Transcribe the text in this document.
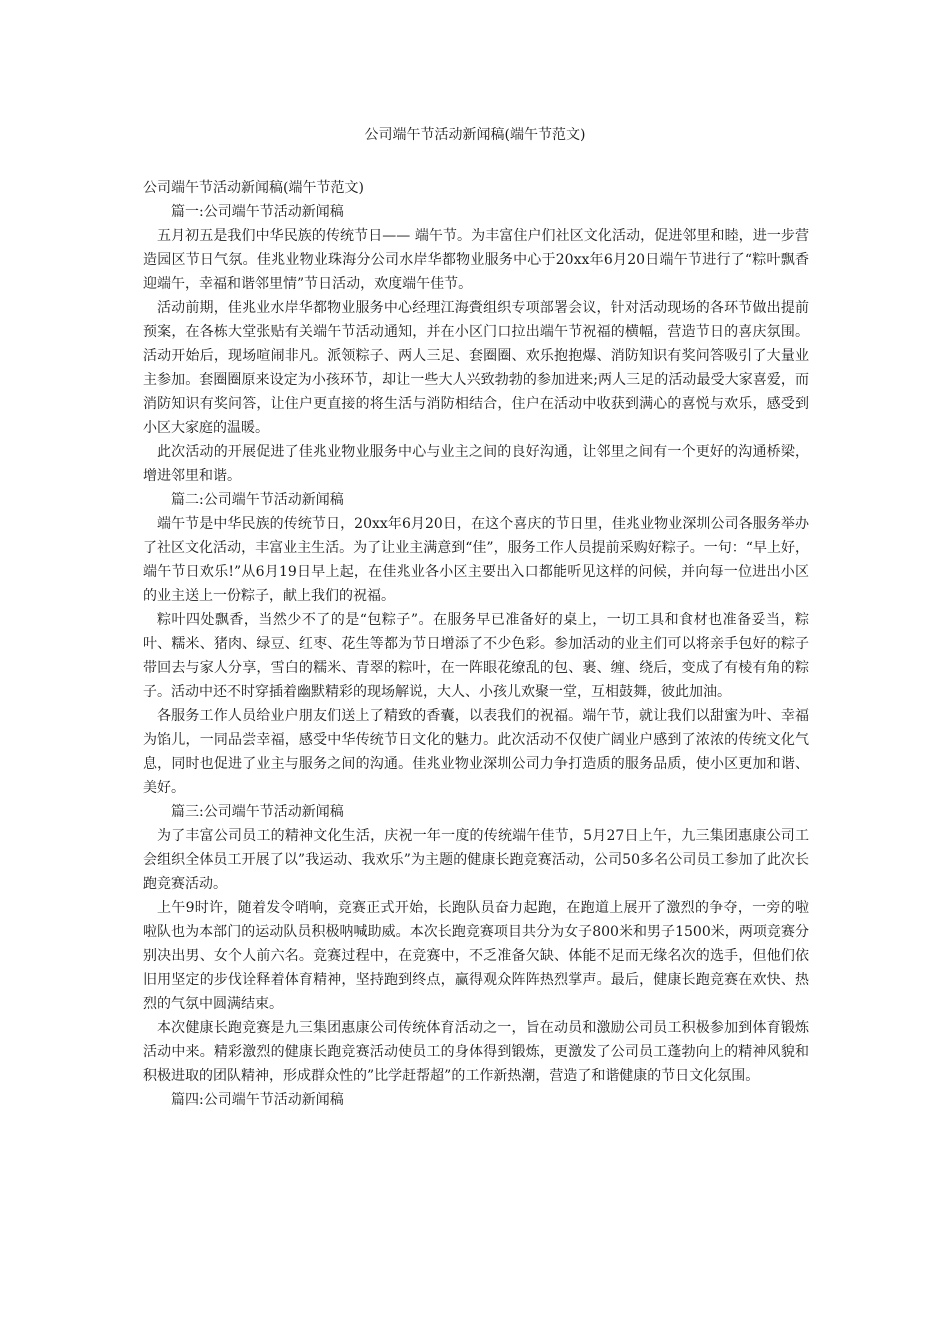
公司端午节活动新闻稿(端午节范文)

公司端午节活动新闻稿(端午节范文)

篇一:公司端午节活动新闻稿

五月初五是我们中华民族的传统节日—— 端午节。为丰富住户们社区文化活动，促进邻里和睦，进一步营造园区节日气氛。佳兆业物业珠海分公司水岸华都物业服务中心于20xx年6月20日端午节进行了“粽叶飘香迎端午，幸福和谐邻里情”节日活动，欢度端午佳节。

活动前期，佳兆业水岸华都物业服务中心经理江海賫组织专项部署会议，针对活动现场的各环节做出提前预案，在各栋大堂张贴有关端午节活动通知，并在小区门口拉出端午节祝福的横幅，营造节日的喜庆氛围。活动开始后，现场喧闹非凡。派领粽子、两人三足、套圈圈、欢乐抱抱爆、消防知识有奖问答吸引了大量业主参加。套圈圈原来设定为小孩环节，却让一些大人兴致勃勃的参加进来;两人三足的活动最受大家喜爱，而消防知识有奖问答，让住户更直接的将生活与消防相结合，住户在活动中收获到满心的喜悦与欢乐，感受到小区大家庭的温暖。

此次活动的开展促进了佳兆业物业服务中心与业主之间的良好沟通，让邻里之间有一个更好的沟通桥梁，增进邻里和谐。

篇二:公司端午节活动新闻稿

端午节是中华民族的传统节日，20xx年6月20日，在这个喜庆的节日里，佳兆业物业深圳公司各服务举办了社区文化活动，丰富业主生活。为了让业主满意到“佳”，服务工作人员提前采购好粽子。一句：“早上好，端午节日欢乐!”从6月19日早上起，在佳兆业各小区主要出入口都能听见这样的问候，并向每一位进出小区的业主送上一份粽子，献上我们的祝福。

粽叶四处飘香，当然少不了的是“包粽子”。在服务早已准备好的桌上，一切工具和食材也准备妥当，粽叶、糯米、猪肉、绿豆、红枣、花生等都为节日增添了不少色彩。参加活动的业主们可以将亲手包好的粽子带回去与家人分享，雪白的糯米、青翠的粽叶，在一阵眼花缭乱的包、裹、缠、绕后，变成了有棱有角的粽子。活动中还不时穿插着幽默精彩的现场解说，大人、小孩儿欢聚一堂，互相鼓舞，彼此加油。

各服务工作人员给业户朋友们送上了精致的香囊，以表我们的祝福。端午节，就让我们以甜蜜为叶、幸福为馅儿，一同品尝幸福，感受中华传统节日文化的魅力。此次活动不仅使广阔业户感到了浓浓的传统文化气息，同时也促进了业主与服务之间的沟通。佳兆业物业深圳公司力争打造质的服务品质，使小区更加和谐、美好。

篇三:公司端午节活动新闻稿

为了丰富公司员工的精神文化生活，庆祝一年一度的传统端午佳节，5月27日上午，九三集团惠康公司工会组织全体员工开展了以”我运动、我欢乐”为主题的健康长跑竞赛活动，公司50多名公司员工参加了此次长跑竞赛活动。

上午9时许，随着发令哨响，竞赛正式开始，长跑队员奋力起跑，在跑道上展开了激烈的争夺，一旁的啦啦队也为本部门的运动队员积极呐喊助威。本次长跑竞赛项目共分为女子800米和男子1500米，两项竞赛分别决出男、女个人前六名。竞赛过程中，在竞赛中，不乏准备欠缺、体能不足而无缘名次的选手，但他们依旧用坚定的步伐诠释着体育精神，坚持跑到终点，赢得观众阵阵热烈掌声。最后，健康长跑竞赛在欢快、热烈的气氛中圆满结束。

本次健康长跑竞赛是九三集团惠康公司传统体育活动之一，旨在动员和激励公司员工积极参加到体育锻炼活动中来。精彩激烈的健康长跑竞赛活动使员工的身体得到锻炼，更激发了公司员工蓬勃向上的精神风貌和积极进取的团队精神，形成群众性的”比学赶帮超”的工作新热潮，营造了和谐健康的节日文化氛围。

篇四:公司端午节活动新闻稿
